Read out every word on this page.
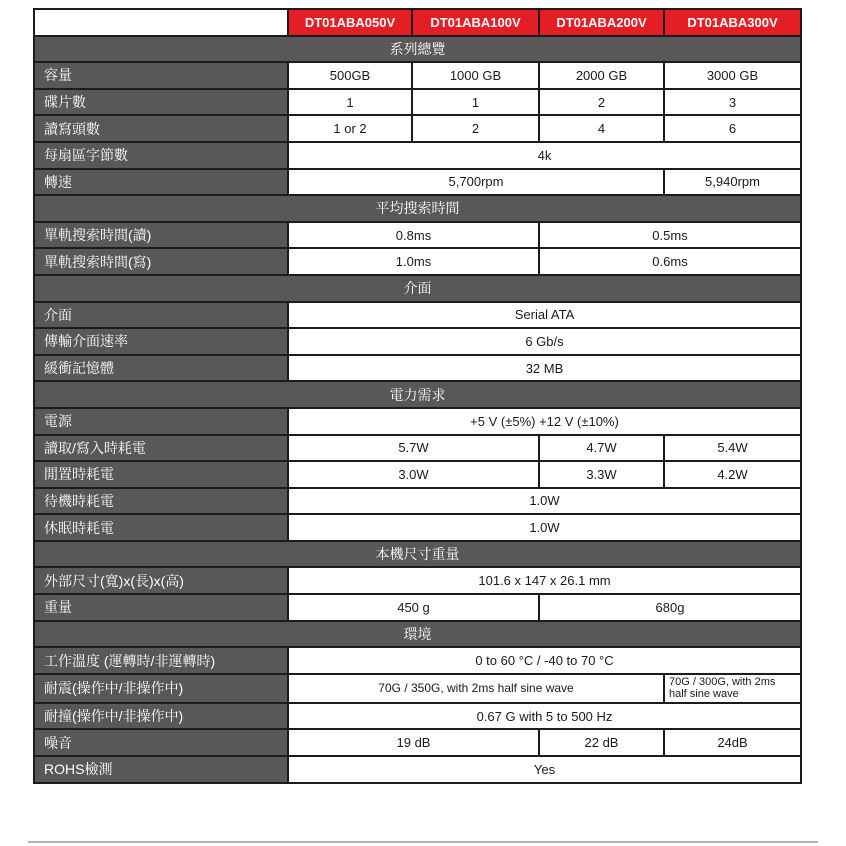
	DT01ABA050V	DT01ABA100V	DT01ABA200V	DT01ABA300V
系列總覽				
容量	500GB	1000 GB	2000 GB	3000 GB
碟片數	1	1	2	3
讀寫頭數	1 or 2	2	4	6
每扇區字節數	4k			
轉速	5,700rpm			5,940rpm
平均搜索時間				
單軌搜索時間(讀)	0.8ms		0.5ms	
單軌搜索時間(寫)	1.0ms		0.6ms	
介面				
介面	Serial ATA			
傳輸介面速率	6 Gb/s			
緩衝記憶體	32 MB			
電力需求				
電源	+5 V (±5%) +12 V (±10%)			
讀取/寫入時耗電	5.7W		4.7W	5.4W
閒置時耗電	3.0W		3.3W	4.2W
待機時耗電	1.0W			
休眠時耗電	1.0W			
本機尺寸重量				
外部尺寸(寬)x(長)x(高)	101.6 x 147 x 26.1 mm			
重量	450 g		680g	
環境				
工作溫度 (運轉時/非運轉時)	0 to 60 °C / -40 to 70 °C			
耐震(操作中/非操作中)	70G / 350G, with 2ms half sine wave			70G / 300G, with 2ms half sine wave
耐撞(操作中/非操作中)	0.67 G with 5 to 500 Hz			
噪音	19 dB		22 dB	24dB
ROHS檢測	Yes			
